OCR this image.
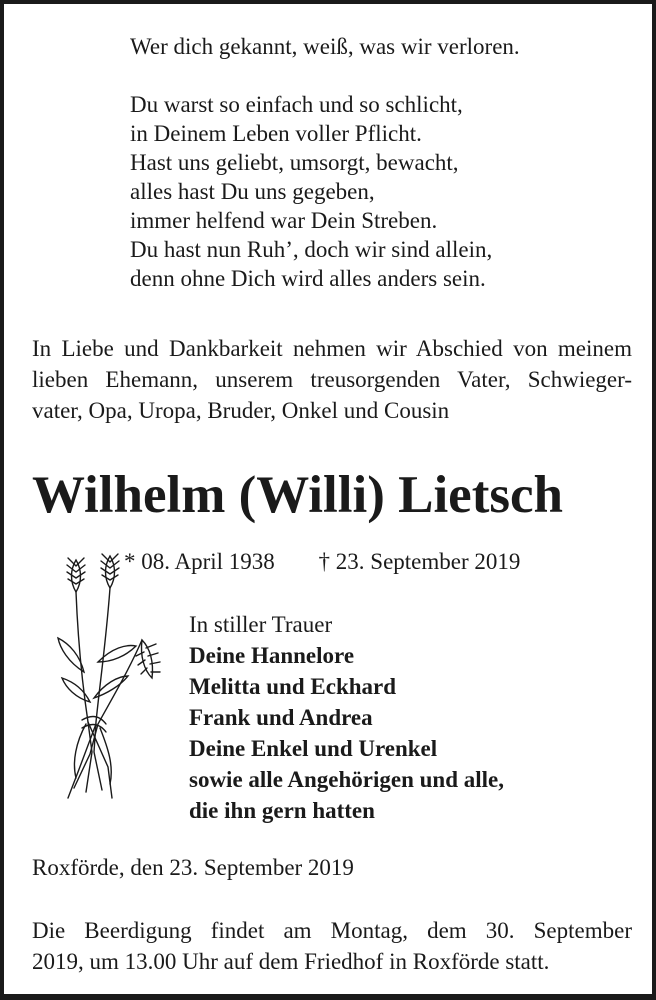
Wer dich gekannt, weiß, was wir verloren.
Du warst so einfach und so schlicht,
in Deinem Leben voller Pflicht.
Hast uns geliebt, umsorgt, bewacht,
alles hast Du uns gegeben,
immer helfend war Dein Streben.
Du hast nun Ruh’, doch wir sind allein,
denn ohne Dich wird alles anders sein.
In Liebe und Dankbarkeit nehmen wir Abschied von meinem
lieben Ehemann, unserem treusorgenden Vater, Schwieger-
vater, Opa, Uropa, Bruder, Onkel und Cousin
Wilhelm (Willi) Lietsch
* 08. April 1938 † 23. September 2019
In stiller Trauer
Deine Hannelore
Melitta und Eckhard
Frank und Andrea
Deine Enkel und Urenkel
sowie alle Angehörigen und alle,
die ihn gern hatten
Roxförde, den 23. September 2019
Die Beerdigung findet am Montag, dem 30. September
2019, um 13.00 Uhr auf dem Friedhof in Roxförde statt.
